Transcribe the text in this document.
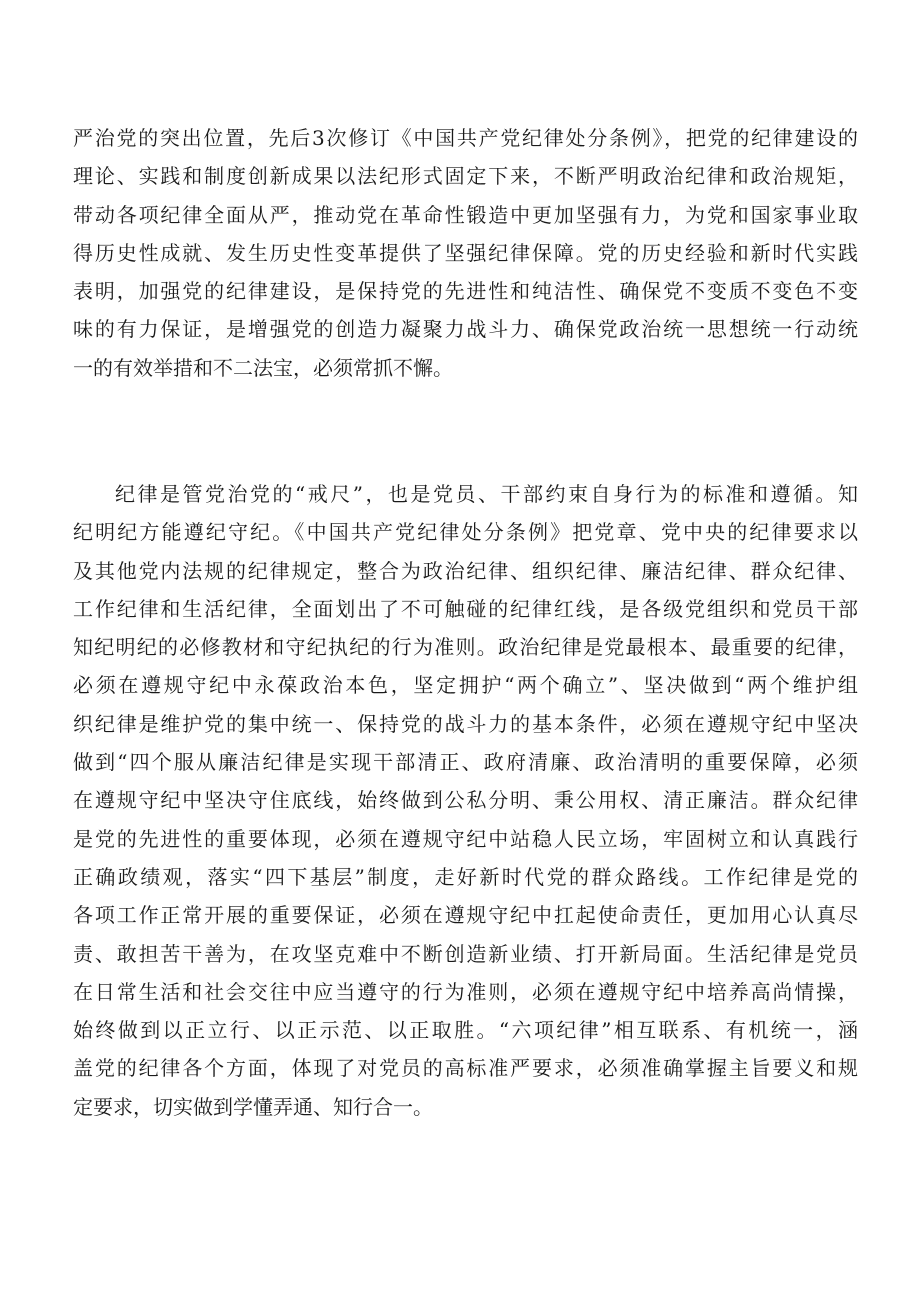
严治党的突出位置，先后3次修订《中国共产党纪律处分条例》，把党的纪律建设的
理论、实践和制度创新成果以法纪形式固定下来，不断严明政治纪律和政治规矩，
带动各项纪律全面从严，推动党在革命性锻造中更加坚强有力，为党和国家事业取
得历史性成就、发生历史性变革提供了坚强纪律保障。党的历史经验和新时代实践
表明，加强党的纪律建设，是保持党的先进性和纯洁性、确保党不变质不变色不变
味的有力保证，是增强党的创造力凝聚力战斗力、确保党政治统一思想统一行动统
一的有效举措和不二法宝，必须常抓不懈。
纪律是管党治党的“戒尺”，也是党员、干部约束自身行为的标准和遵循。知
纪明纪方能遵纪守纪。《中国共产党纪律处分条例》把党章、党中央的纪律要求以
及其他党内法规的纪律规定，整合为政治纪律、组织纪律、廉洁纪律、群众纪律、
工作纪律和生活纪律，全面划出了不可触碰的纪律红线，是各级党组织和党员干部
知纪明纪的必修教材和守纪执纪的行为准则。政治纪律是党最根本、最重要的纪律，
必须在遵规守纪中永葆政治本色，坚定拥护“两个确立”、坚决做到“两个维护组
织纪律是维护党的集中统一、保持党的战斗力的基本条件，必须在遵规守纪中坚决
做到“四个服从廉洁纪律是实现干部清正、政府清廉、政治清明的重要保障，必须
在遵规守纪中坚决守住底线，始终做到公私分明、秉公用权、清正廉洁。群众纪律
是党的先进性的重要体现，必须在遵规守纪中站稳人民立场，牢固树立和认真践行
正确政绩观，落实“四下基层”制度，走好新时代党的群众路线。工作纪律是党的
各项工作正常开展的重要保证，必须在遵规守纪中扛起使命责任，更加用心认真尽
责、敢担苦干善为，在攻坚克难中不断创造新业绩、打开新局面。生活纪律是党员
在日常生活和社会交往中应当遵守的行为准则，必须在遵规守纪中培养高尚情操，
始终做到以正立行、以正示范、以正取胜。“六项纪律”相互联系、有机统一，涵
盖党的纪律各个方面，体现了对党员的高标准严要求，必须准确掌握主旨要义和规
定要求，切实做到学懂弄通、知行合一。
